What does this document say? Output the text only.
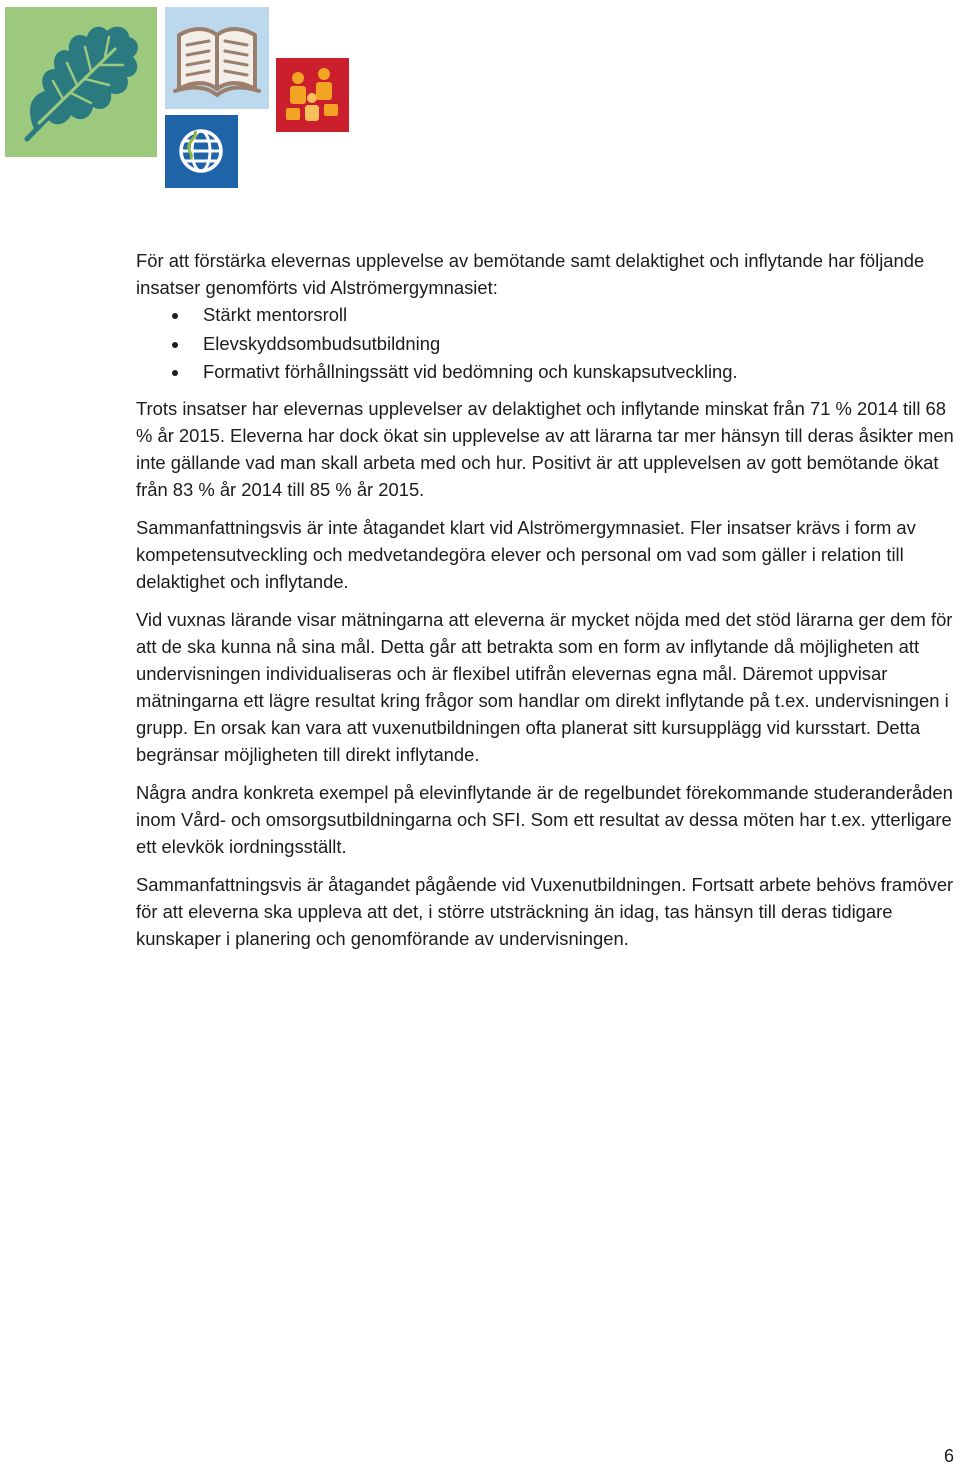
För att förstärka elevernas upplevelse av bemötande samt delaktighet och inflytande har följande insatser genomförts vid Alströmergymnasiet:

Stärkt mentorsroll
Elevskyddsombudsutbildning
Formativt förhållningssätt vid bedömning och kunskapsutveckling.

Trots insatser har elevernas upplevelser av delaktighet och inflytande minskat från 71 % 2014 till 68 % år 2015. Eleverna har dock ökat sin upplevelse av att lärarna tar mer hänsyn till deras åsikter men inte gällande vad man skall arbeta med och hur. Positivt är att upplevelsen av gott bemötande ökat från 83 % år 2014 till 85 % år 2015.

Sammanfattningsvis är inte åtagandet klart vid Alströmergymnasiet. Fler insatser krävs i form av kompetensutveckling och medvetandegöra elever och personal om vad som gäller i relation till delaktighet och inflytande.

Vid vuxnas lärande visar mätningarna att eleverna är mycket nöjda med det stöd lärarna ger dem för att de ska kunna nå sina mål. Detta går att betrakta som en form av inflytande då möjligheten att undervisningen individualiseras och är flexibel utifrån elevernas egna mål. Däremot uppvisar mätningarna ett lägre resultat kring frågor som handlar om direkt inflytande på t.ex. undervisningen i grupp. En orsak kan vara att vuxenutbildningen ofta planerat sitt kursupplägg vid kursstart. Detta begränsar möjligheten till direkt inflytande.

Några andra konkreta exempel på elevinflytande är de regelbundet förekommande studeranderåden inom Vård- och omsorgsutbildningarna och SFI. Som ett resultat av dessa möten har t.ex. ytterligare ett elevkök iordningsställt.

Sammanfattningsvis är åtagandet pågående vid Vuxenutbildningen. Fortsatt arbete behövs framöver för att eleverna ska uppleva att det, i större utsträckning än idag, tas hänsyn till deras tidigare kunskaper i planering och genomförande av undervisningen.

6
